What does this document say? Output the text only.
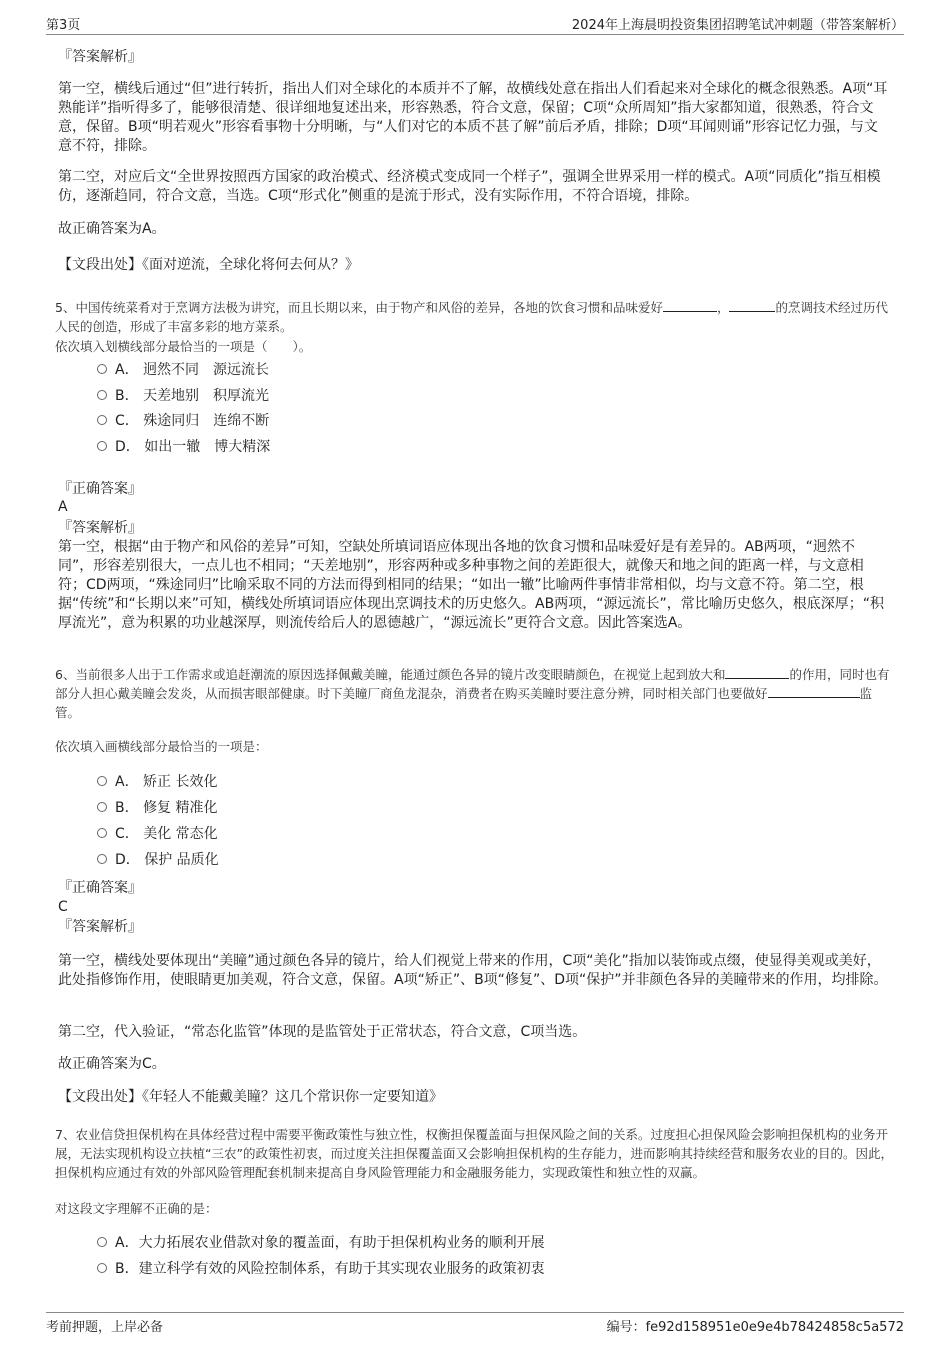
第3页	2024年上海晨明投资集团招聘笔试冲刺题（带答案解析）
『答案解析』
第一空，横线后通过“但”进行转折，指出人们对全球化的本质并不了解，故横线处意在指出人们看起来对全球化的概念很熟悉。A项“耳熟能详”指听得多了，能够很清楚、很详细地复述出来，形容熟悉，符合文意，保留；C项“众所周知”指大家都知道，很熟悉，符合文意，保留。B项“明若观火”形容看事物十分明晰，与“人们对它的本质不甚了解”前后矛盾，排除；D项“耳闻则诵”形容记忆力强，与文意不符，排除。
第二空，对应后文“全世界按照西方国家的政治模式、经济模式变成同一个样子”，强调全世界采用一样的模式。A项“同质化”指互相模仿，逐渐趋同，符合文意，当选。C项“形式化”侧重的是流于形式，没有实际作用，不符合语境，排除。
故正确答案为A。
【文段出处】《面对逆流，全球化将何去何从？》
5、中国传统菜肴对于烹调方法极为讲究，而且长期以来，由于物产和风俗的差异，各地的饮食习惯和品味爱好	，	的烹调技术经过历代人民的创造，形成了丰富多彩的地方菜系。
依次填入划横线部分最恰当的一项是（　　）。
A． 迥然不同　源远流长
B． 天差地别　积厚流光
C． 殊途同归　连绵不断
D． 如出一辙　博大精深
『正确答案』
A
『答案解析』
第一空，根据“由于物产和风俗的差异”可知，空缺处所填词语应体现出各地的饮食习惯和品味爱好是有差异的。AB两项，“迥然不同”，形容差别很大，一点儿也不相同；“天差地别”，形容两种或多种事物之间的差距很大，就像天和地之间的距离一样，与文意相符；CD两项，“殊途同归”比喻采取不同的方法而得到相同的结果；“如出一辙”比喻两件事情非常相似，均与文意不符。第二空，根据“传统”和“长期以来”可知，横线处所填词语应体现出烹调技术的历史悠久。AB两项，“源远流长”，常比喻历史悠久，根底深厚；“积厚流光”，意为积累的功业越深厚，则流传给后人的恩德越广，“源远流长”更符合文意。因此答案选A。
6、当前很多人出于工作需求或追赶潮流的原因选择佩戴美瞳，能通过颜色各异的镜片改变眼睛颜色，在视觉上起到放大和	的作用，同时也有部分人担心戴美瞳会发炎，从而损害眼部健康。时下美瞳厂商鱼龙混杂，消费者在购买美瞳时要注意分辨，同时相关部门也要做好	监管。
依次填入画横线部分最恰当的一项是：
A． 矫正 长效化
B． 修复 精准化
C． 美化 常态化
D． 保护 品质化
『正确答案』
C
『答案解析』
第一空，横线处要体现出“美瞳”通过颜色各异的镜片，给人们视觉上带来的作用，C项“美化”指加以装饰或点缀，使显得美观或美好，此处指修饰作用，使眼睛更加美观，符合文意，保留。A项“矫正”、B项“修复”、D项“保护”并非颜色各异的美瞳带来的作用，均排除。
第二空，代入验证，“常态化监管”体现的是监管处于正常状态，符合文意，C项当选。
故正确答案为C。
【文段出处】《年轻人不能戴美瞳？这几个常识你一定要知道》
7、农业信贷担保机构在具体经营过程中需要平衡政策性与独立性，权衡担保覆盖面与担保风险之间的关系。过度担心担保风险会影响担保机构的业务开展，无法实现机构设立扶植“三农”的政策性初衷，而过度关注担保覆盖面又会影响担保机构的生存能力，进而影响其持续经营和服务农业的目的。因此，担保机构应通过有效的外部风险管理配套机制来提高自身风险管理能力和金融服务能力，实现政策性和独立性的双赢。
对这段文字理解不正确的是：
A．大力拓展农业借款对象的覆盖面，有助于担保机构业务的顺利开展
B．建立科学有效的风险控制体系，有助于其实现农业服务的政策初衷
考前押题，上岸必备	编号：fe92d158951e0e9e4b78424858c5a572
